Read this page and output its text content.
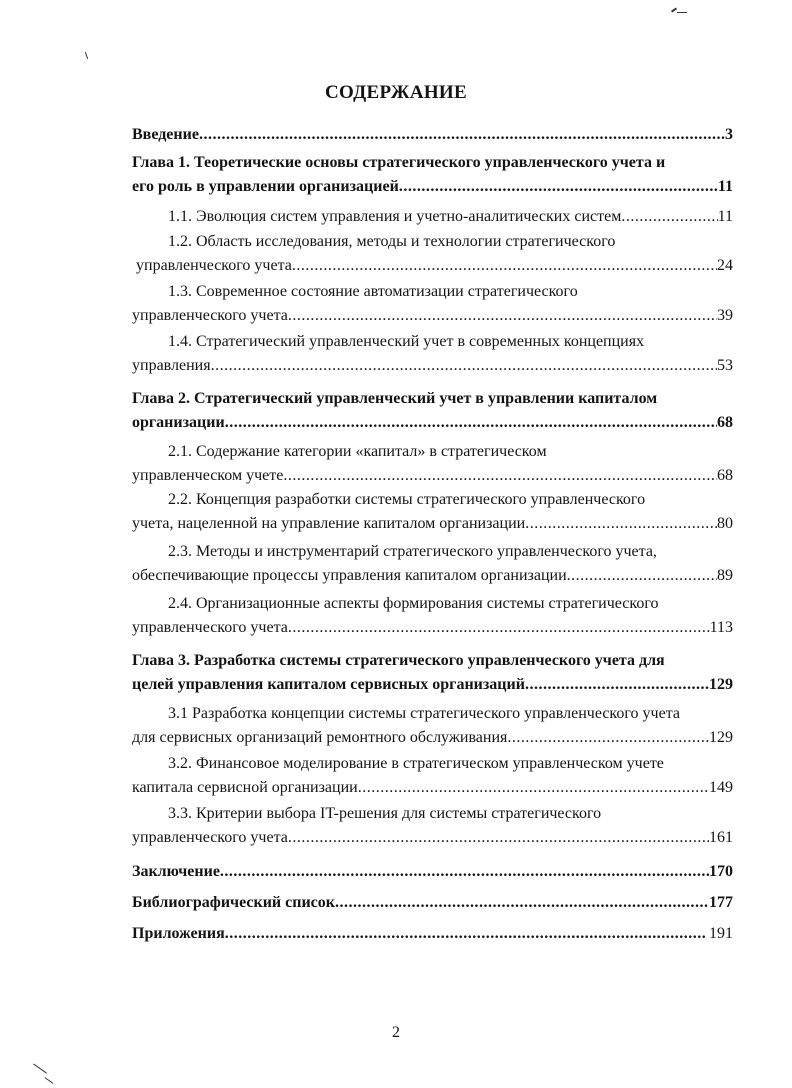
СОДЕРЖАНИЕ
Введение .....	3
Глава 1. Теоретические основы стратегического управленческого учета и
его роль в управлении организацией .....	11
1.1. Эволюция систем управления и учетно-аналитических систем .....	11
1.2. Область исследования, методы и технологии стратегического
управленческого учета .....	24
1.3. Современное состояние автоматизации стратегического
управленческого учета .....	39
1.4. Стратегический управленческий учет в современных концепциях
управления .....	53
Глава 2. Стратегический управленческий учет в управлении капиталом
организации .....	68
2.1. Содержание категории «капитал» в стратегическом
управленческом учете .....	68
2.2. Концепция разработки системы стратегического управленческого
учета, нацеленной на управление капиталом организации .....	80
2.3. Методы и инструментарий стратегического управленческого учета,
обеспечивающие процессы управления капиталом организации .....	89
2.4. Организационные аспекты формирования системы стратегического
управленческого учета .....	113
Глава 3. Разработка системы стратегического управленческого учета для
целей управления капиталом сервисных организаций .....	129
3.1 Разработка концепции системы стратегического управленческого учета
для сервисных организаций ремонтного обслуживания .....	129
3.2. Финансовое моделирование в стратегическом управленческом учете
капитала сервисной организации .....	149
3.3. Критерии выбора IT-решения для системы стратегического
управленческого учета .....	161
Заключение .....	170
Библиографический список .....	177
Приложения .....	191
2
